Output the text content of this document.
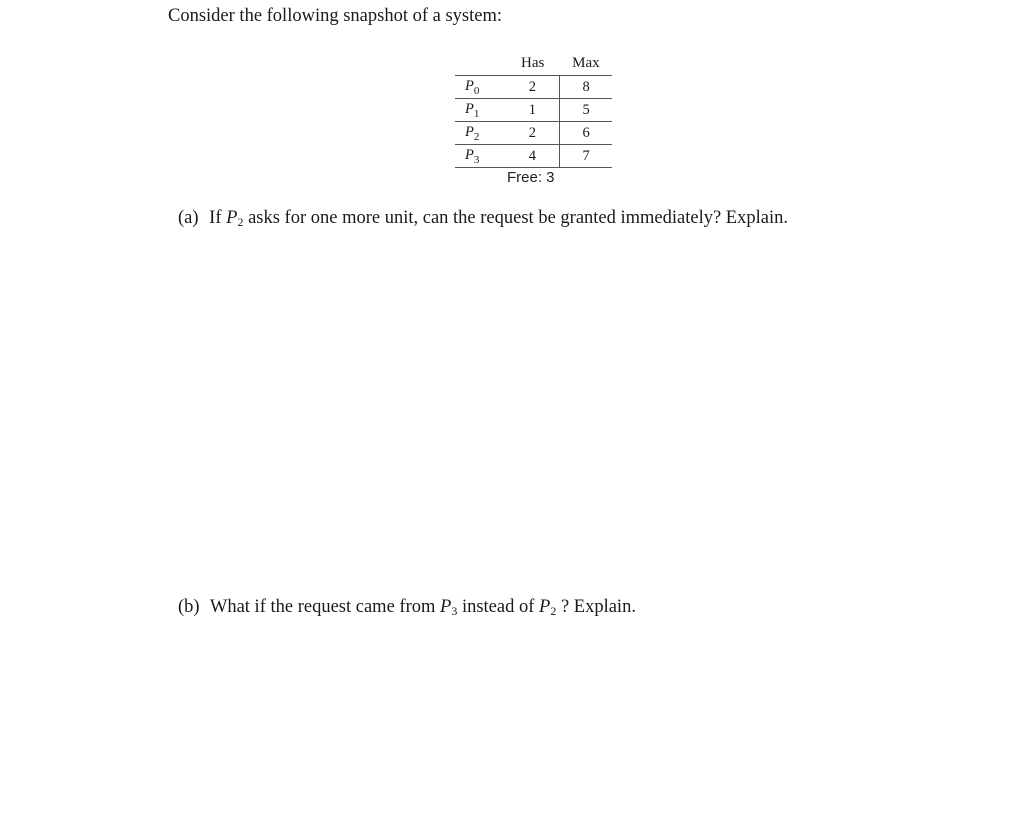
Consider the following snapshot of a system:
	Has	Max
$P_0$	2	8
$P_1$	1	5
$P_2$	2	6
$P_3$	4	7
Free: 3
(a) If $P_2$ asks for one more unit, can the request be granted immediately? Explain.
(b) What if the request came from $P_3$ instead of $P_2$ ? Explain.
